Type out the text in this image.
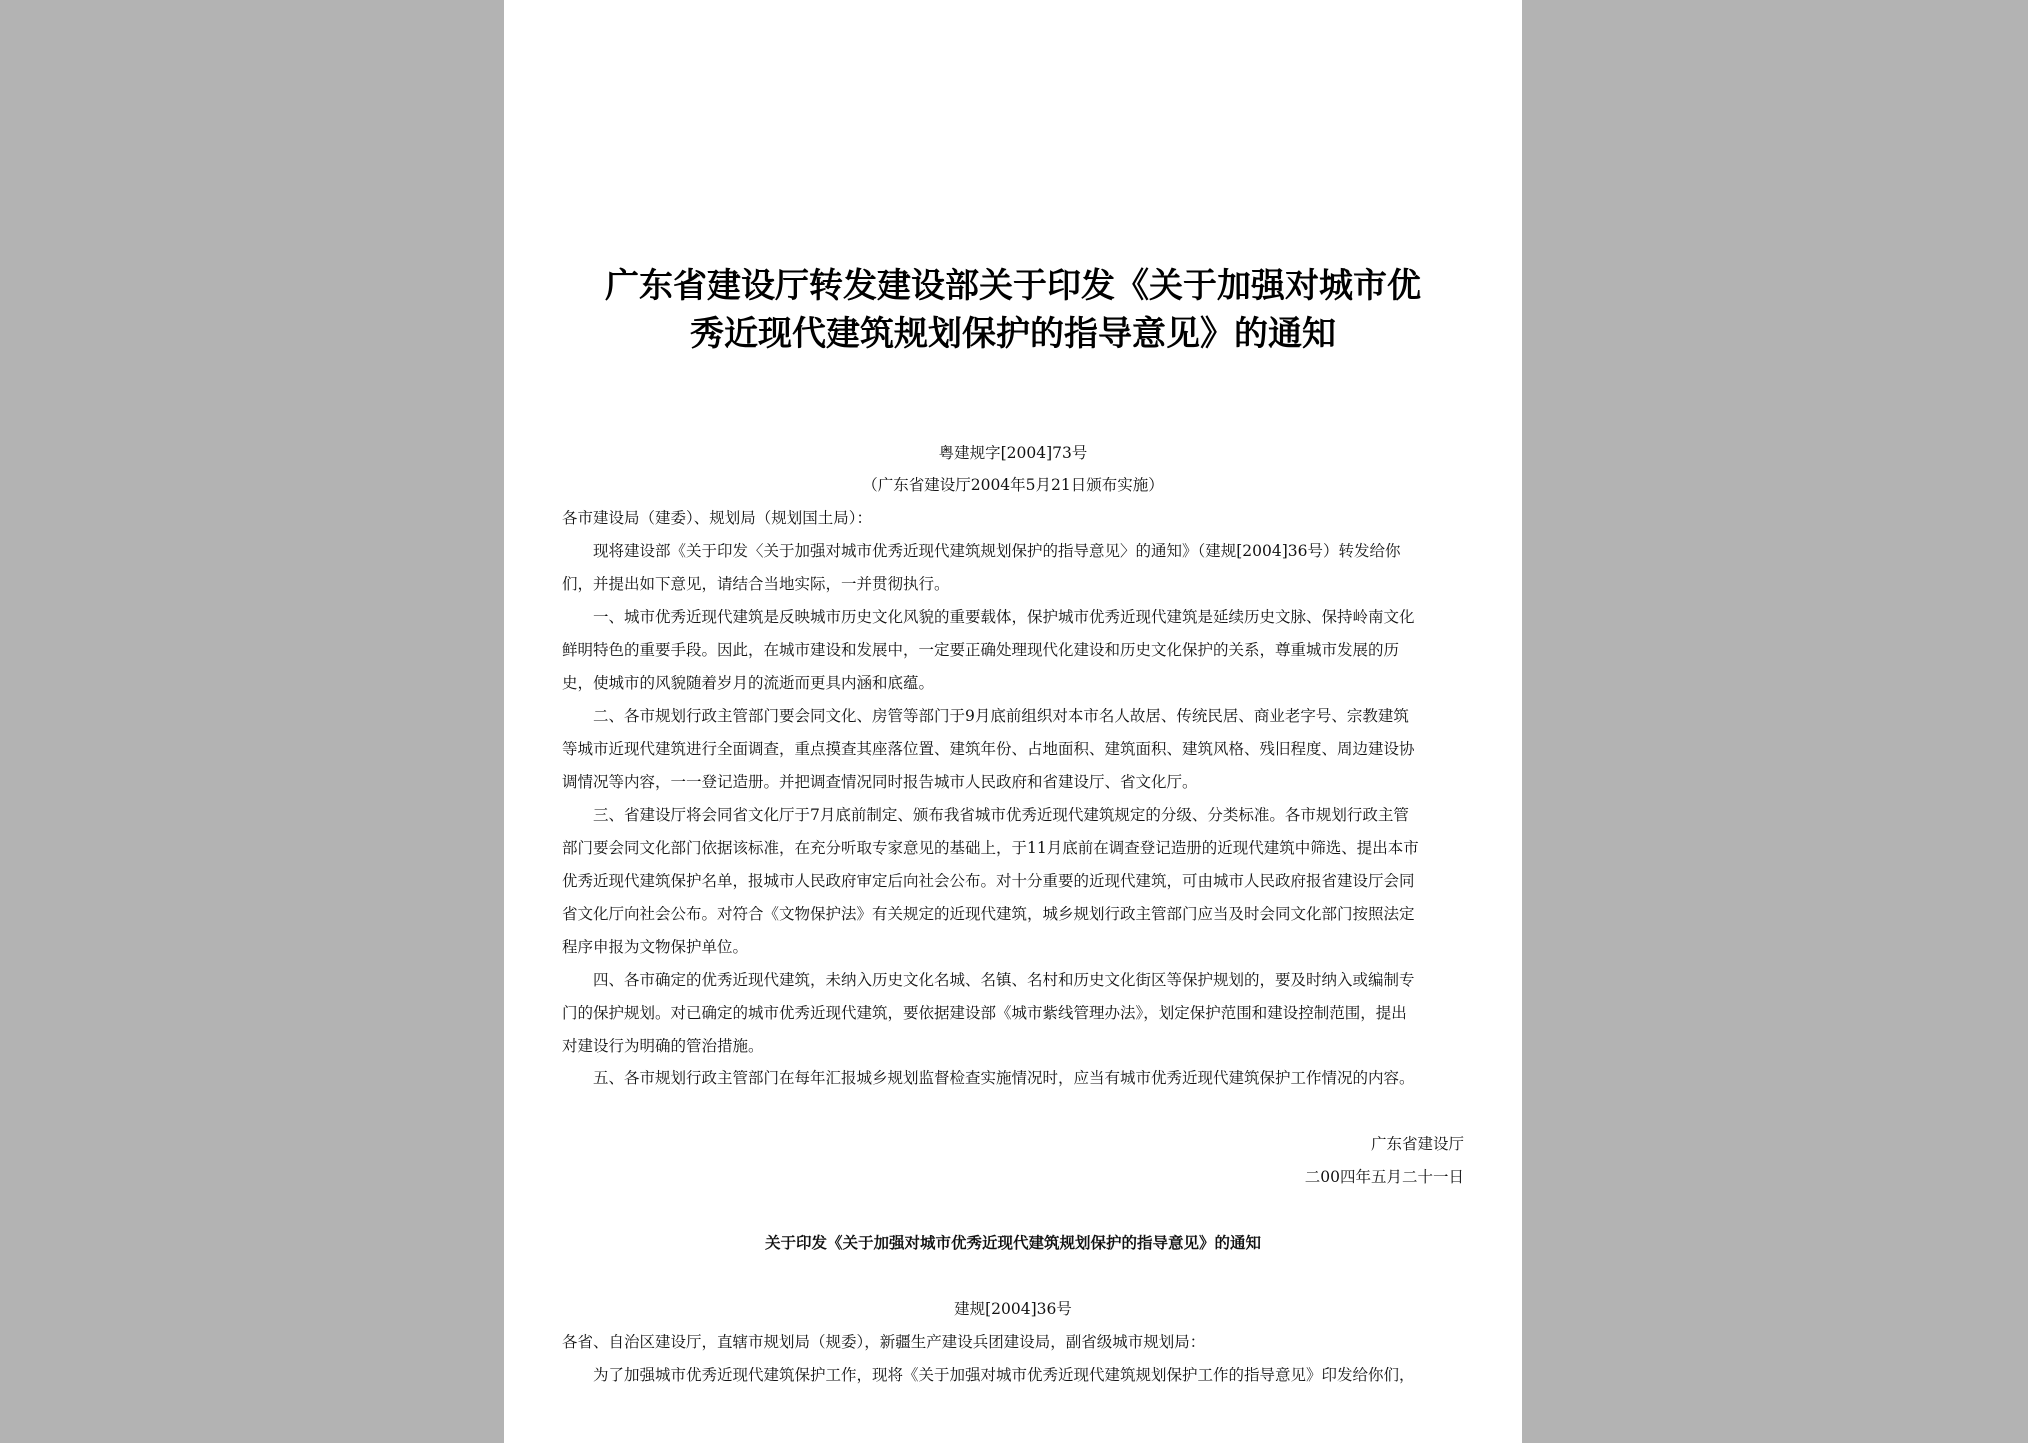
广东省建设厅转发建设部关于印发《关于加强对城市优
秀近现代建筑规划保护的指导意见》的通知
粤建规字[2004]73号
（广东省建设厅2004年5月21日颁布实施）
各市建设局（建委）、规划局（规划国土局）：
现将建设部《关于印发〈关于加强对城市优秀近现代建筑规划保护的指导意见〉的通知》（建规[2004]36号）转发给你
们，并提出如下意见，请结合当地实际，一并贯彻执行。
一、城市优秀近现代建筑是反映城市历史文化风貌的重要载体，保护城市优秀近现代建筑是延续历史文脉、保持岭南文化
鲜明特色的重要手段。因此，在城市建设和发展中，一定要正确处理现代化建设和历史文化保护的关系，尊重城市发展的历
史，使城市的风貌随着岁月的流逝而更具内涵和底蕴。
二、各市规划行政主管部门要会同文化、房管等部门于9月底前组织对本市名人故居、传统民居、商业老字号、宗教建筑
等城市近现代建筑进行全面调查，重点摸查其座落位置、建筑年份、占地面积、建筑面积、建筑风格、残旧程度、周边建设协
调情况等内容，一一登记造册。并把调查情况同时报告城市人民政府和省建设厅、省文化厅。
三、省建设厅将会同省文化厅于7月底前制定、颁布我省城市优秀近现代建筑规定的分级、分类标准。各市规划行政主管
部门要会同文化部门依据该标准，在充分听取专家意见的基础上，于11月底前在调查登记造册的近现代建筑中筛选、提出本市
优秀近现代建筑保护名单，报城市人民政府审定后向社会公布。对十分重要的近现代建筑，可由城市人民政府报省建设厅会同
省文化厅向社会公布。对符合《文物保护法》有关规定的近现代建筑，城乡规划行政主管部门应当及时会同文化部门按照法定
程序申报为文物保护单位。
四、各市确定的优秀近现代建筑，未纳入历史文化名城、名镇、名村和历史文化街区等保护规划的，要及时纳入或编制专
门的保护规划。对已确定的城市优秀近现代建筑，要依据建设部《城市紫线管理办法》，划定保护范围和建设控制范围，提出
对建设行为明确的管治措施。
五、各市规划行政主管部门在每年汇报城乡规划监督检查实施情况时，应当有城市优秀近现代建筑保护工作情况的内容。
广东省建设厅
二00四年五月二十一日
关于印发《关于加强对城市优秀近现代建筑规划保护的指导意见》的通知
建规[2004]36号
各省、自治区建设厅，直辖市规划局（规委），新疆生产建设兵团建设局，副省级城市规划局：
为了加强城市优秀近现代建筑保护工作，现将《关于加强对城市优秀近现代建筑规划保护工作的指导意见》印发给你们，
